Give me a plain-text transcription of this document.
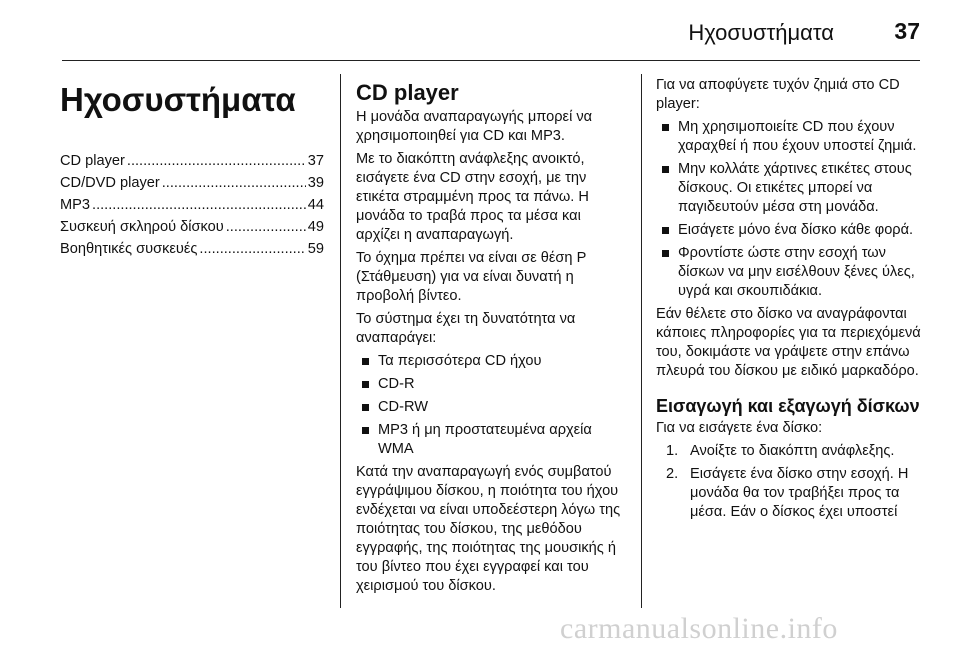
Ηχοσυστήματα	37
Ηχοσυστήματα
CD player .....	37
CD/DVD player .....	39
MP3 .....	44
Συσκευή σκληρού δίσκου .....	49
Βοηθητικές συσκευές .....	59
CD player

Η μονάδα αναπαραγωγής μπορεί να χρησιμοποιηθεί για CD και MP3.

Με το διακόπτη ανάφλεξης ανοικτό, εισάγετε ένα CD στην εσοχή, με την ετικέτα στραμμένη προς τα πάνω. Η μονάδα το τραβά προς τα μέσα και αρχίζει η αναπαραγωγή.

Το όχημα πρέπει να είναι σε θέση P (Στάθμευση) για να είναι δυνατή η προβολή βίντεο.

Το σύστημα έχει τη δυνατότητα να αναπαράγει:

Τα περισσότερα CD ήχου
CD-R
CD-RW
MP3 ή μη προστατευμένα αρχεία WMA

Κατά την αναπαραγωγή ενός συμβατού εγγράψιμου δίσκου, η ποιότητα του ήχου ενδέχεται να είναι υποδεέστερη λόγω της ποιότητας του δίσκου, της μεθόδου εγγραφής, της ποιότητας της μουσικής ή του βίντεο που έχει εγγραφεί και του χειρισμού του δίσκου.

Για να αποφύγετε τυχόν ζημιά στο CD player:

Μη χρησιμοποιείτε CD που έχουν χαραχθεί ή που έχουν υποστεί ζημιά.
Μην κολλάτε χάρτινες ετικέτες στους δίσκους. Οι ετικέτες μπορεί να παγιδευτούν μέσα στη μονάδα.
Εισάγετε μόνο ένα δίσκο κάθε φορά.
Φροντίστε ώστε στην εσοχή των δίσκων να μην εισέλθουν ξένες ύλες, υγρά και σκουπιδάκια.

Εάν θέλετε στο δίσκο να αναγράφονται κάποιες πληροφορίες για τα περιεχόμενά του, δοκιμάστε να γράψετε στην επάνω πλευρά του δίσκου με ειδικό μαρκαδόρο.

Εισαγωγή και εξαγωγή δίσκων

Για να εισάγετε ένα δίσκο:

1. Ανοίξτε το διακόπτη ανάφλεξης.
2. Εισάγετε ένα δίσκο στην εσοχή. Η μονάδα θα τον τραβήξει προς τα μέσα. Εάν ο δίσκος έχει υποστεί
carmanualsonline.info
